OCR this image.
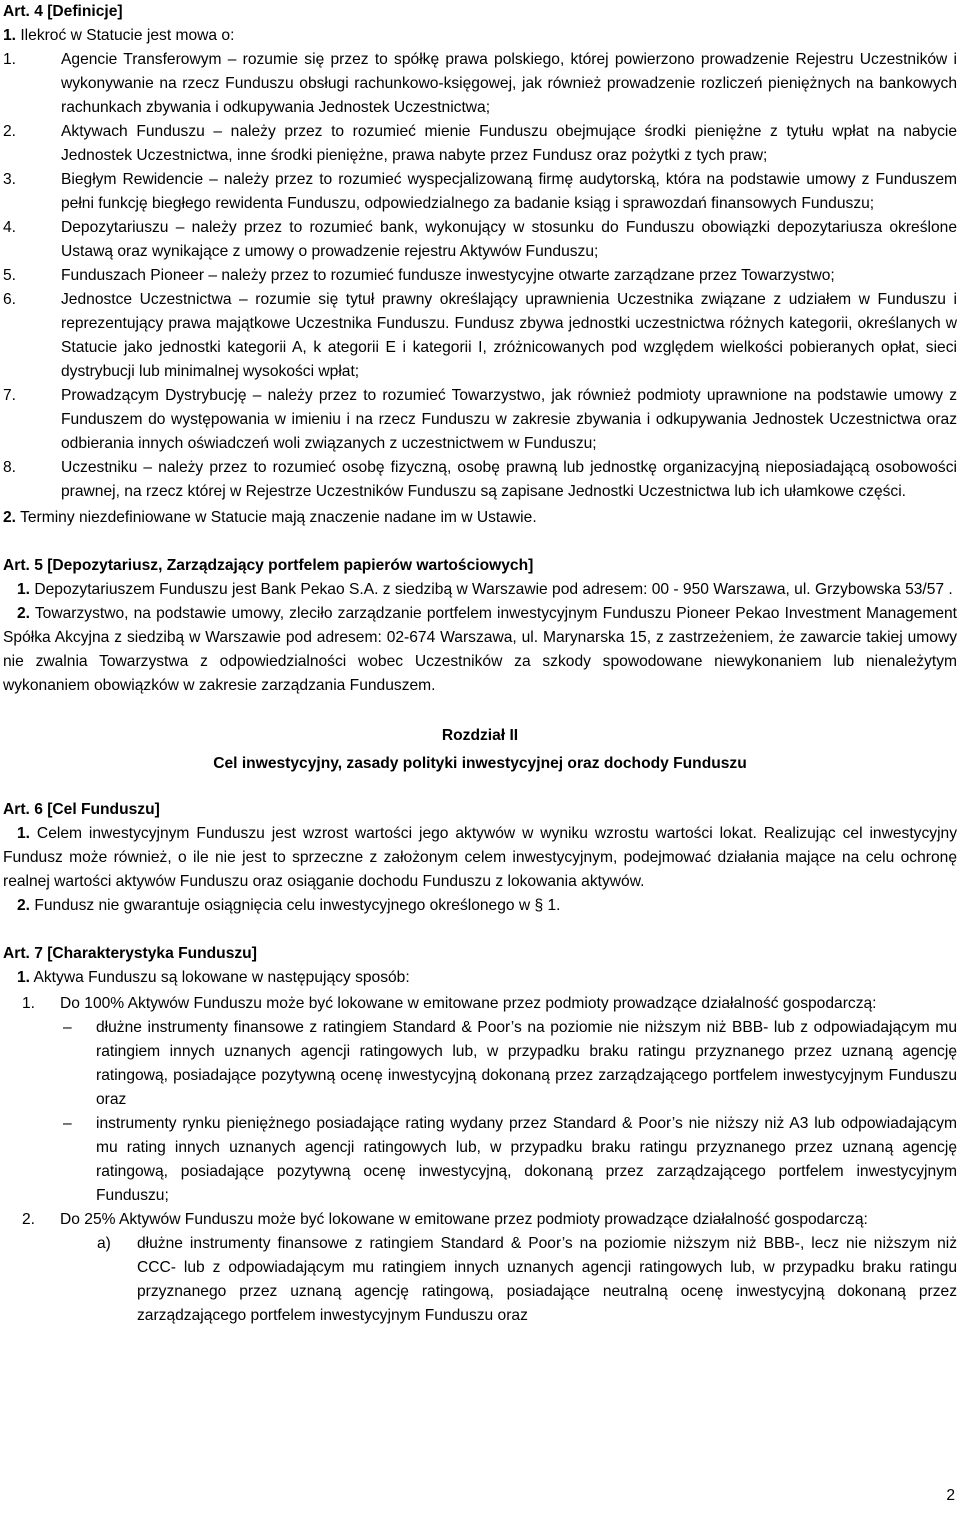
Art. 4 [Definicje]

1. Ilekroć w Statucie jest mowa o:

1.	Agencie Transferowym – rozumie się przez to spółkę prawa polskiego, której powierzono prowadzenie Rejestru Uczestników i wykonywanie na rzecz Funduszu obsługi rachunkowo-księgowej, jak również prowadzenie rozliczeń pieniężnych na bankowych rachunkach zbywania i odkupywania Jednostek Uczestnictwa;
2.	Aktywach Funduszu – należy przez to rozumieć mienie Funduszu obejmujące środki pieniężne z tytułu wpłat na nabycie Jednostek Uczestnictwa, inne środki pieniężne, prawa nabyte przez Fundusz oraz pożytki z tych praw;
3.	Biegłym Rewidencie – należy przez to rozumieć wyspecjalizowaną firmę audytorską, która na podstawie umowy z Funduszem pełni funkcję biegłego rewidenta Funduszu, odpowiedzialnego za badanie ksiąg i sprawozdań finansowych Funduszu;
4.	Depozytariuszu – należy przez to rozumieć bank, wykonujący w stosunku do Funduszu obowiązki depozytariusza określone Ustawą oraz wynikające z umowy o prowadzenie rejestru Aktywów Funduszu;
5.	Funduszach Pioneer – należy przez to rozumieć fundusze inwestycyjne otwarte zarządzane przez Towarzystwo;
6.	Jednostce Uczestnictwa – rozumie się tytuł prawny określający uprawnienia Uczestnika związane z udziałem w Funduszu i reprezentujący prawa majątkowe Uczestnika Funduszu. Fundusz zbywa jednostki uczestnictwa różnych kategorii, określanych w Statucie jako jednostki kategorii A, k ategorii E i kategorii I, zróżnicowanych pod względem wielkości pobieranych opłat, sieci dystrybucji lub minimalnej wysokości wpłat;
7.	Prowadzącym Dystrybucję – należy przez to rozumieć Towarzystwo, jak również podmioty uprawnione na podstawie umowy z Funduszem do występowania w imieniu i na rzecz Funduszu w zakresie zbywania i odkupywania Jednostek Uczestnictwa oraz odbierania innych oświadczeń woli związanych z uczestnictwem w Funduszu;
8.	Uczestniku – należy przez to rozumieć osobę fizyczną, osobę prawną lub jednostkę organizacyjną nieposiadającą osobowości prawnej, na rzecz której w Rejestrze Uczestników Funduszu są zapisane Jednostki Uczestnictwa lub ich ułamkowe części.

2. Terminy niezdefiniowane w Statucie mają znaczenie nadane im w Ustawie.

Art. 5 [Depozytariusz, Zarządzający portfelem papierów wartościowych]

1. Depozytariuszem Funduszu jest Bank Pekao S.A. z siedzibą w Warszawie pod adresem: 00 - 950 Warszawa, ul. Grzybowska 53/57 .

2. Towarzystwo, na podstawie umowy, zleciło zarządzanie portfelem inwestycyjnym Funduszu Pioneer Pekao Investment Management Spółka Akcyjna z siedzibą w Warszawie pod adresem: 02-674 Warszawa, ul. Marynarska 15, z zastrzeżeniem, że zawarcie takiej umowy nie zwalnia Towarzystwa z odpowiedzialności wobec Uczestników za szkody spowodowane niewykonaniem lub nienależytym wykonaniem obowiązków w zakresie zarządzania Funduszem.

Rozdział II

Cel inwestycyjny, zasady polityki inwestycyjnej oraz dochody Funduszu

Art. 6 [Cel Funduszu]

1. Celem inwestycyjnym Funduszu jest wzrost wartości jego aktywów w wyniku wzrostu wartości lokat. Realizując cel inwestycyjny Fundusz może również, o ile nie jest to sprzeczne z założonym celem inwestycyjnym, podejmować działania mające na celu ochronę realnej wartości aktywów Funduszu oraz osiąganie dochodu Funduszu z lokowania aktywów.

2. Fundusz nie gwarantuje osiągnięcia celu inwestycyjnego określonego w § 1.

Art. 7 [Charakterystyka Funduszu]

1. Aktywa Funduszu są lokowane w następujący sposób:

1.	Do 100% Aktywów Funduszu może być lokowane w emitowane przez podmioty prowadzące działalność gospodarczą:
–	dłużne instrumenty finansowe z ratingiem Standard & Poor’s na poziomie nie niższym niż BBB- lub z odpowiadającym mu ratingiem innych uznanych agencji ratingowych lub, w przypadku braku ratingu przyznanego przez uznaną agencję ratingową, posiadające pozytywną ocenę inwestycyjną dokonaną przez zarządzającego portfelem inwestycyjnym Funduszu oraz
–	instrumenty rynku pieniężnego posiadające rating wydany przez Standard & Poor’s nie niższy niż A3 lub odpowiadającym mu rating innych uznanych agencji ratingowych lub, w przypadku braku ratingu przyznanego przez uznaną agencję ratingową, posiadające pozytywną ocenę inwestycyjną, dokonaną przez zarządzającego portfelem inwestycyjnym Funduszu;
2.	Do 25% Aktywów Funduszu może być lokowane w emitowane przez podmioty prowadzące działalność gospodarczą:
a)	dłużne instrumenty finansowe z ratingiem Standard & Poor’s na poziomie niższym niż BBB-, lecz nie niższym niż CCC- lub z odpowiadającym mu ratingiem innych uznanych agencji ratingowych lub, w przypadku braku ratingu przyznanego przez uznaną agencję ratingową, posiadające neutralną ocenę inwestycyjną dokonaną przez zarządzającego portfelem inwestycyjnym Funduszu oraz
2
